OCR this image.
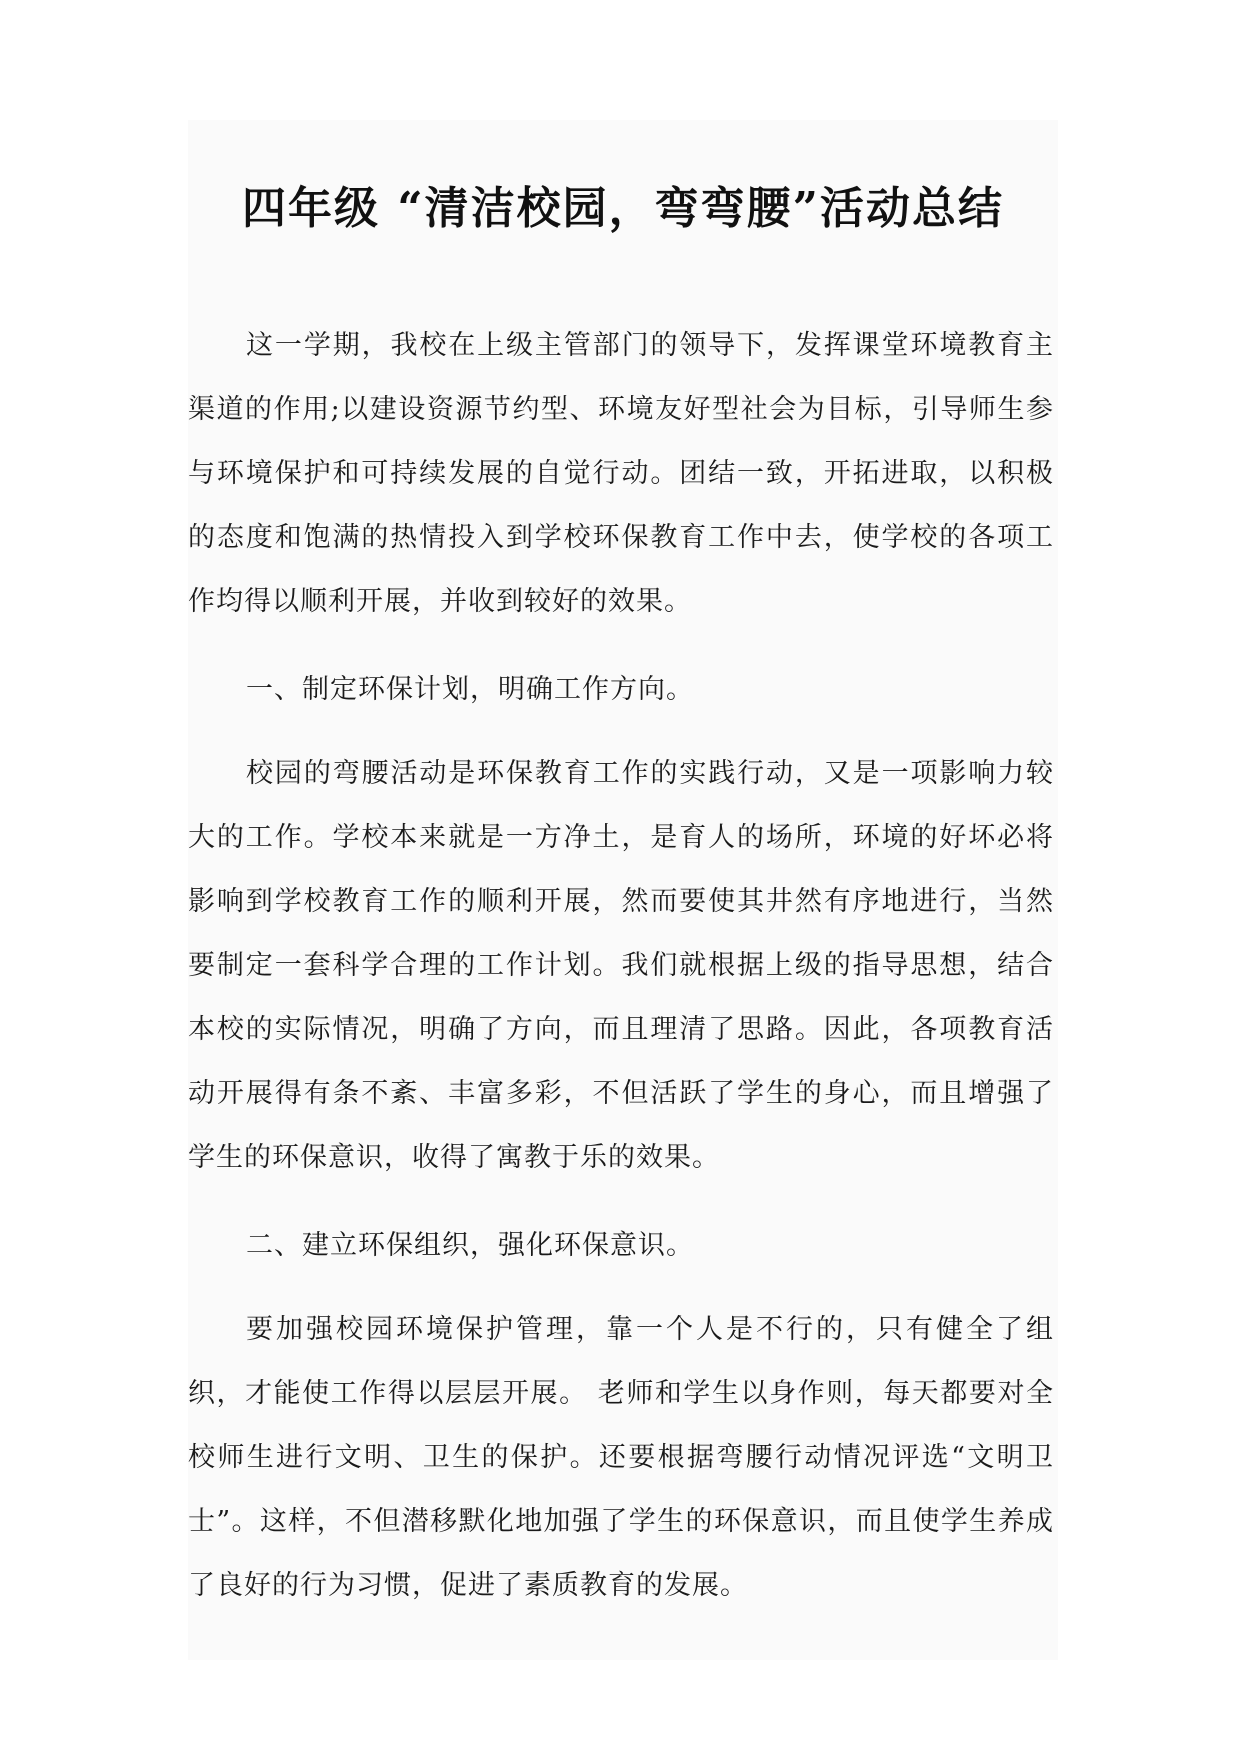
四年级 “清洁校园，弯弯腰”活动总结

这一学期，我校在上级主管部门的领导下，发挥课堂环境教育主渠道的作用;以建设资源节约型、环境友好型社会为目标，引导师生参与环境保护和可持续发展的自觉行动。团结一致，开拓进取，以积极的态度和饱满的热情投入到学校环保教育工作中去，使学校的各项工作均得以顺利开展，并收到较好的效果。

一、制定环保计划，明确工作方向。

校园的弯腰活动是环保教育工作的实践行动，又是一项影响力较大的工作。学校本来就是一方净土，是育人的场所，环境的好坏必将影响到学校教育工作的顺利开展，然而要使其井然有序地进行，当然要制定一套科学合理的工作计划。我们就根据上级的指导思想，结合本校的实际情况，明确了方向，而且理清了思路。因此，各项教育活动开展得有条不紊、丰富多彩，不但活跃了学生的身心，而且增强了学生的环保意识，收得了寓教于乐的效果。

二、建立环保组织，强化环保意识。

要加强校园环境保护管理，靠一个人是不行的，只有健全了组织，才能使工作得以层层开展。 老师和学生以身作则，每天都要对全校师生进行文明、卫生的保护。还要根据弯腰行动情况评选“文明卫士”。这样，不但潜移默化地加强了学生的环保意识，而且使学生养成了良好的行为习惯，促进了素质教育的发展。
